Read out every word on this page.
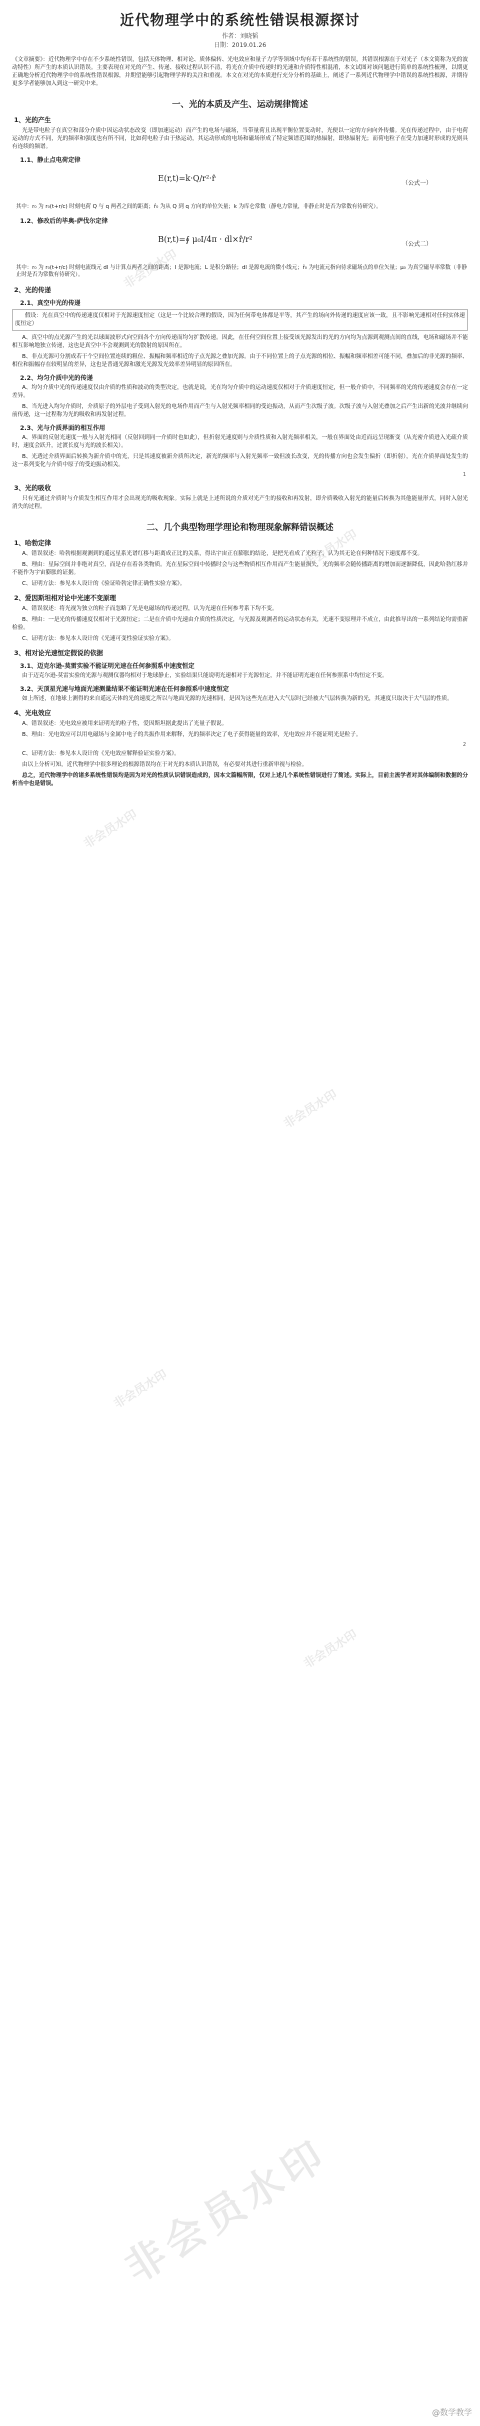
近代物理学中的系统性错误根源探讨
作者：刘晓韬
日期：2019.01.26
《文章摘要》：近代物理学中存在不少系统性错误，包括天体物理、相对论、质体偏转、光电效应和量子力学等领域中均有若干系统性的错误，其错误根源在于对光子（本文简称为光的波动特性）所产生的本质认识错误。主要表现在对光的产生、传递、接收过程认识不清，将光在介质中传递时的光速和介质特性相混淆，本文试图对该问题进行简单的系统性梳理，以期更正确地分析近代物理学中的系统性错误根源，并期望能够引起物理学界的关注和重视。本文在对光的本质进行充分分析的基础上，阐述了一系列近代物理学中错误的系统性根源，并期待更多学者能够加入到这一研究中来。
一、光的本质及产生、运动规律简述
1、光的产生
光是带电粒子在真空和部分介质中因运动状态改变（即加速运动）而产生的电场与磁场，当带量荷且出现平衡位置变动时，光便以一定的方向向外传播。光在传递过程中，由于电荷运动的方式不同，光的频率和强度也有所不同，比如荷电粒子由于热运动，其运动形成的电场和磁场形成了特定频谱范围的热辐射，即热辐射光；而荷电粒子在受力加速时形成的光则具有连续的频谱。
1.1、静止点电荷定律
E(r,t)=k·Q/r²·r̂
（公式一）
其中：r₀ 为 r₀(t+r/c) 时刻电荷 Q 与 q 两者之间的距离；r̂₀ 为从 Q 到 q 方向的单位矢量；k 为库仑常数（静电力常量，非静止时是否为常数有待研究）。
1.2、修改后的毕奥-萨伐尔定律
B(r,t)=∮ μ₀I/4π · dl×r̂/r²
（公式二）
其中：r₀ 为 r₀(t+r/c) 时刻电流线元 dl 与计算点两者之间的距离；I 是源电流；L 是积分路径；dl 是源电流的微小线元；r̂₀ 为电流元指向待求磁场点的单位矢量；μ₀ 为真空磁导率常数（非静止时是否为常数有待研究）。
2、光的传递
2.1、真空中光的传递
假设：光在真空中的传递速度仅相对于光源速度恒定（这是一个比较合理的假设，因为任何带电体都是平等，其产生的场向外传递的速度应该一致，且不影响光速相对任何实体速度恒定）
A、真空中的点光源产生的光以球面波形式向空间各个方向传递而均匀扩散传递。因此，在任何空间位置上接受该光源发出的光的方向均为点源到观测点间的直线，电场和磁场并不能相互影响地独立传递，这也是真空中不会观测到光的散射的原因所在。
B、非点光源可分割成若干个空间位置连续的粗位、振幅和频率相近的子点光源之叠加光源。由于不同位置上的子点光源的相位、振幅和频率相差可能不同，叠加后的非光源的频率、相位和振幅存在较明显的差异，这也是普通光源和激光光源发光效率差异明显的原因所在。
2.2、均匀介质中光的传递
A、均匀介质中光的传递速度仅由介质的性质和波动的类型决定，也就是说，光在均匀介质中的运动速度仅相对于介质速度恒定，但一般介质中，不同频率的光的传递速度会存在一定差异。
B、当光进入均匀介质时，介质原子的外层电子受到入射光的电场作用而产生与入射光频率相同的受迫振动，从而产生次级子波。次级子波与入射光叠加之后产生出新的光波并继续向前传递，这一过程称为光的吸收和再发射过程。
2.3、光与介质界面的相互作用
A、界面的反射光速度一般与入射光相同（反射回到同一介质时也如此），但折射光速度则与介质性质和入射光频率相关，一般在界面处由近而远呈现渐变（从光密介质进入光疏介质时，速度会跃升，过渡长度与光的波长相关）。
B、光透过介质界面后转换为新介质中的光，只是其速度被新介质所决定，新光的频率与入射光频率一致但波长改变，光的传播方向也会发生偏折（即折射），光在介质界面处发生的这一系列变化与介质中原子的受迫振动相关。
1
3、光的吸收
只有光通过介质时与介质发生相互作用才会出现光的吸收现象。实际上就是上述所说的介质对光产生的接收和再发射，即介质吸收入射光的能量后转换为其他能量形式，同时入射光消失的过程。
二、几个典型物理学理论和物理现象解释错误概述
1、哈勃定律
A、错误叙述：哈勃根据观测到的遥远星系光谱红移与距离成正比的关系，得出宇宙正在膨胀的结论，是把光看成了光粒子，认为其无论在何种情况下速度都不变。
B、理由：星际空间并非绝对真空，而是存在着各类物质。光在星际空间中传播时会与这些物质相互作用而产生能量损失，光的频率会随传播距离的增加而逐渐降低，因此哈勃红移并不能作为宇宙膨胀的证据。
C、证明方法：参见本人设计的《验证哈勃定律正确性实验方案》。
2、爱因斯坦相对论中光速不变原理
A、错误叙述：将光视为独立的粒子而忽略了光是电磁场的传递过程，认为光速在任何参考系下均不变。
B、理由：一是光的传播速度仅相对于光源恒定；二是在介质中光速由介质的性质决定，与光源及观测者的运动状态有关，光速不变原理并不成立，由此推导出的一系列结论均需重新检验。
C、证明方法：参见本人设计的《光速可变性验证实验方案》。
3、相对论光速恒定假说的依据
3.1、迈克尔逊-莫雷实验不能证明光速在任何参照系中速度恒定
由于迈克尔逊-莫雷实验的光源与观测仪器均相对于地球静止，实验结果只能说明光速相对于光源恒定，并不能证明光速在任何参照系中均恒定不变。
3.2、天顶星光速与地面光速测量结果不能证明光速在任何参照系中速度恒定
如上所述，在地球上测得的来自遥远天体的光的速度之所以与地面光源的光速相同，是因为这些光在进入大气层时已经被大气层转换为新的光，其速度只取决于大气层的性质。
4、光电效应
A、错误叙述：光电效应被用来证明光的粒子性，爱因斯坦据此提出了光量子假说。
B、理由：光电效应可以用电磁场与金属中电子的共振作用来解释，光的频率决定了电子获得能量的效率，光电效应并不能证明光是粒子。
2
C、证明方法：参见本人设计的《光电效应解释验证实验方案》。
由以上分析可知，近代物理学中很多理论的根源错误均在于对光的本质认识错误，有必要对其进行重新审视与检验。
总之，近代物理学中的诸多系统性错误均是因为对光的性质认识错误造成的，因本文篇幅所限，仅对上述几个系统性错误进行了简述。实际上，目前主流学者对其体编制和数据的分析当中也是错误。
非会员水印
非会员水印
非会员水印
非会员水印
非会员水印
非会员水印
非会员水印
@数学教学
